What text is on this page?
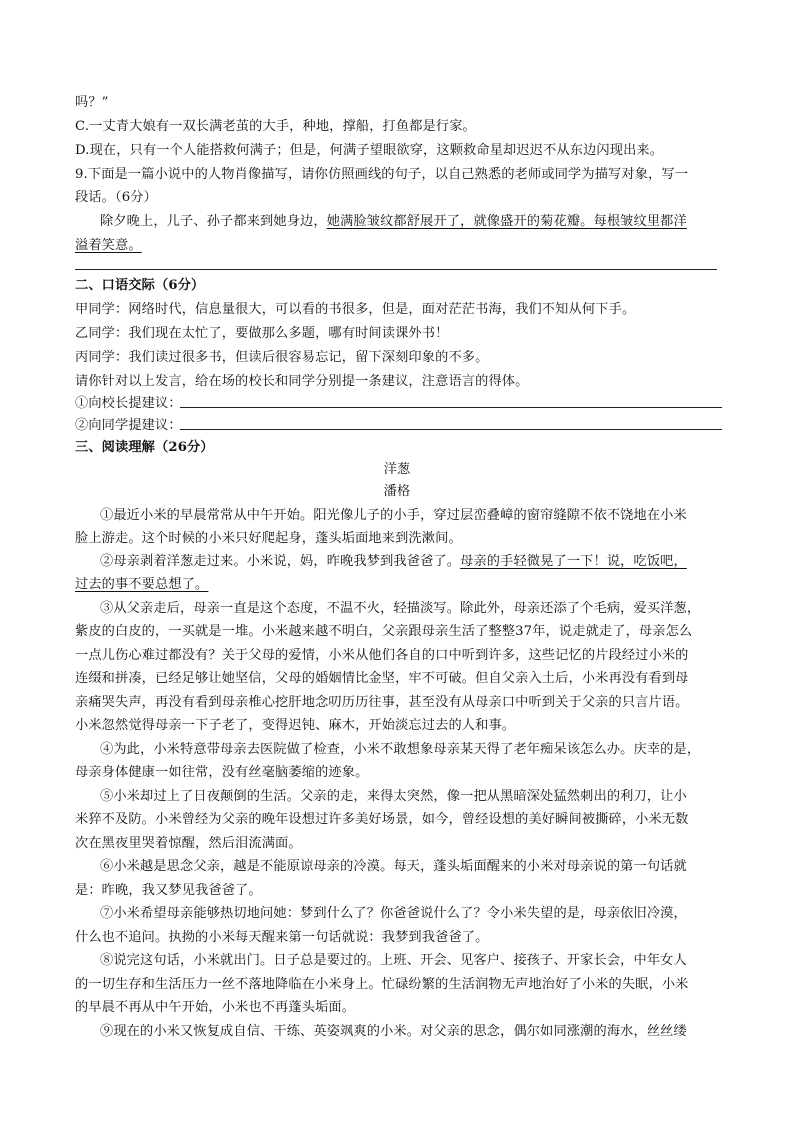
吗？”
C.一丈青大娘有一双长满老茧的大手，种地，撑船，打鱼都是行家。
D.现在，只有一个人能搭救何满子；但是，何满子望眼欲穿，这颗救命星却迟迟不从东边闪现出来。
9.下面是一篇小说中的人物肖像描写，请你仿照画线的句子，以自己熟悉的老师或同学为描写对象，写一
段话。（6分）
除夕晚上，儿子、孙子都来到她身边，她满脸皱纹都舒展开了，就像盛开的菊花瓣。每根皱纹里都洋
溢着笑意。
二、口语交际（6分）
甲同学：网络时代，信息量很大，可以看的书很多，但是，面对茫茫书海，我们不知从何下手。
乙同学：我们现在太忙了，要做那么多题，哪有时间读课外书！
丙同学：我们读过很多书，但读后很容易忘记，留下深刻印象的不多。
请你针对以上发言，给在场的校长和同学分别提一条建议，注意语言的得体。
①向校长提建议：
②向同学提建议：
三、阅读理解（26分）
洋葱
潘格
①最近小米的早晨常常从中午开始。阳光像儿子的小手，穿过层峦叠嶂的窗帘缝隙不依不饶地在小米
脸上游走。这个时候的小米只好爬起身，蓬头垢面地来到洗漱间。
②母亲剥着洋葱走过来。小米说，妈，昨晚我梦到我爸爸了。母亲的手轻微晃了一下！说，吃饭吧，
过去的事不要总想了。
③从父亲走后，母亲一直是这个态度，不温不火，轻描淡写。除此外，母亲还添了个毛病，爱买洋葱，
紫皮的白皮的，一买就是一堆。小米越来越不明白，父亲跟母亲生活了整整37年，说走就走了，母亲怎么
一点儿伤心难过都没有？关于父母的爱情，小米从他们各自的口中听到许多，这些记忆的片段经过小米的
连缀和拼凑，已经足够让她坚信，父母的婚姻情比金坚，牢不可破。但自父亲入土后，小米再没有看到母
亲痛哭失声，再没有看到母亲椎心挖肝地念叨历历往事，甚至没有从母亲口中听到关于父亲的只言片语。
小米忽然觉得母亲一下子老了，变得迟钝、麻木，开始淡忘过去的人和事。
④为此，小米特意带母亲去医院做了检查，小米不敢想象母亲某天得了老年痴呆该怎么办。庆幸的是，
母亲身体健康一如往常，没有丝毫脑萎缩的迹象。
⑤小米却过上了日夜颠倒的生活。父亲的走，来得太突然，像一把从黑暗深处猛然刺出的利刀，让小
米猝不及防。小米曾经为父亲的晚年设想过许多美好场景，如今，曾经设想的美好瞬间被撕碎，小米无数
次在黑夜里哭着惊醒，然后泪流满面。
⑥小米越是思念父亲，越是不能原谅母亲的冷漠。每天，蓬头垢面醒来的小米对母亲说的第一句话就
是：昨晚，我又梦见我爸爸了。
⑦小米希望母亲能够热切地问她：梦到什么了？你爸爸说什么了？令小米失望的是，母亲依旧冷漠，
什么也不追问。执拗的小米每天醒来第一句话就说：我梦到我爸爸了。
⑧说完这句话，小米就出门。日子总是要过的。上班、开会、见客户、接孩子、开家长会，中年女人
的一切生存和生活压力一丝不落地降临在小米身上。忙碌纷繁的生活润物无声地治好了小米的失眠，小米
的早晨不再从中午开始，小米也不再蓬头垢面。
⑨现在的小米又恢复成自信、干练、英姿飒爽的小米。对父亲的思念，偶尔如同涨潮的海水，丝丝缕
